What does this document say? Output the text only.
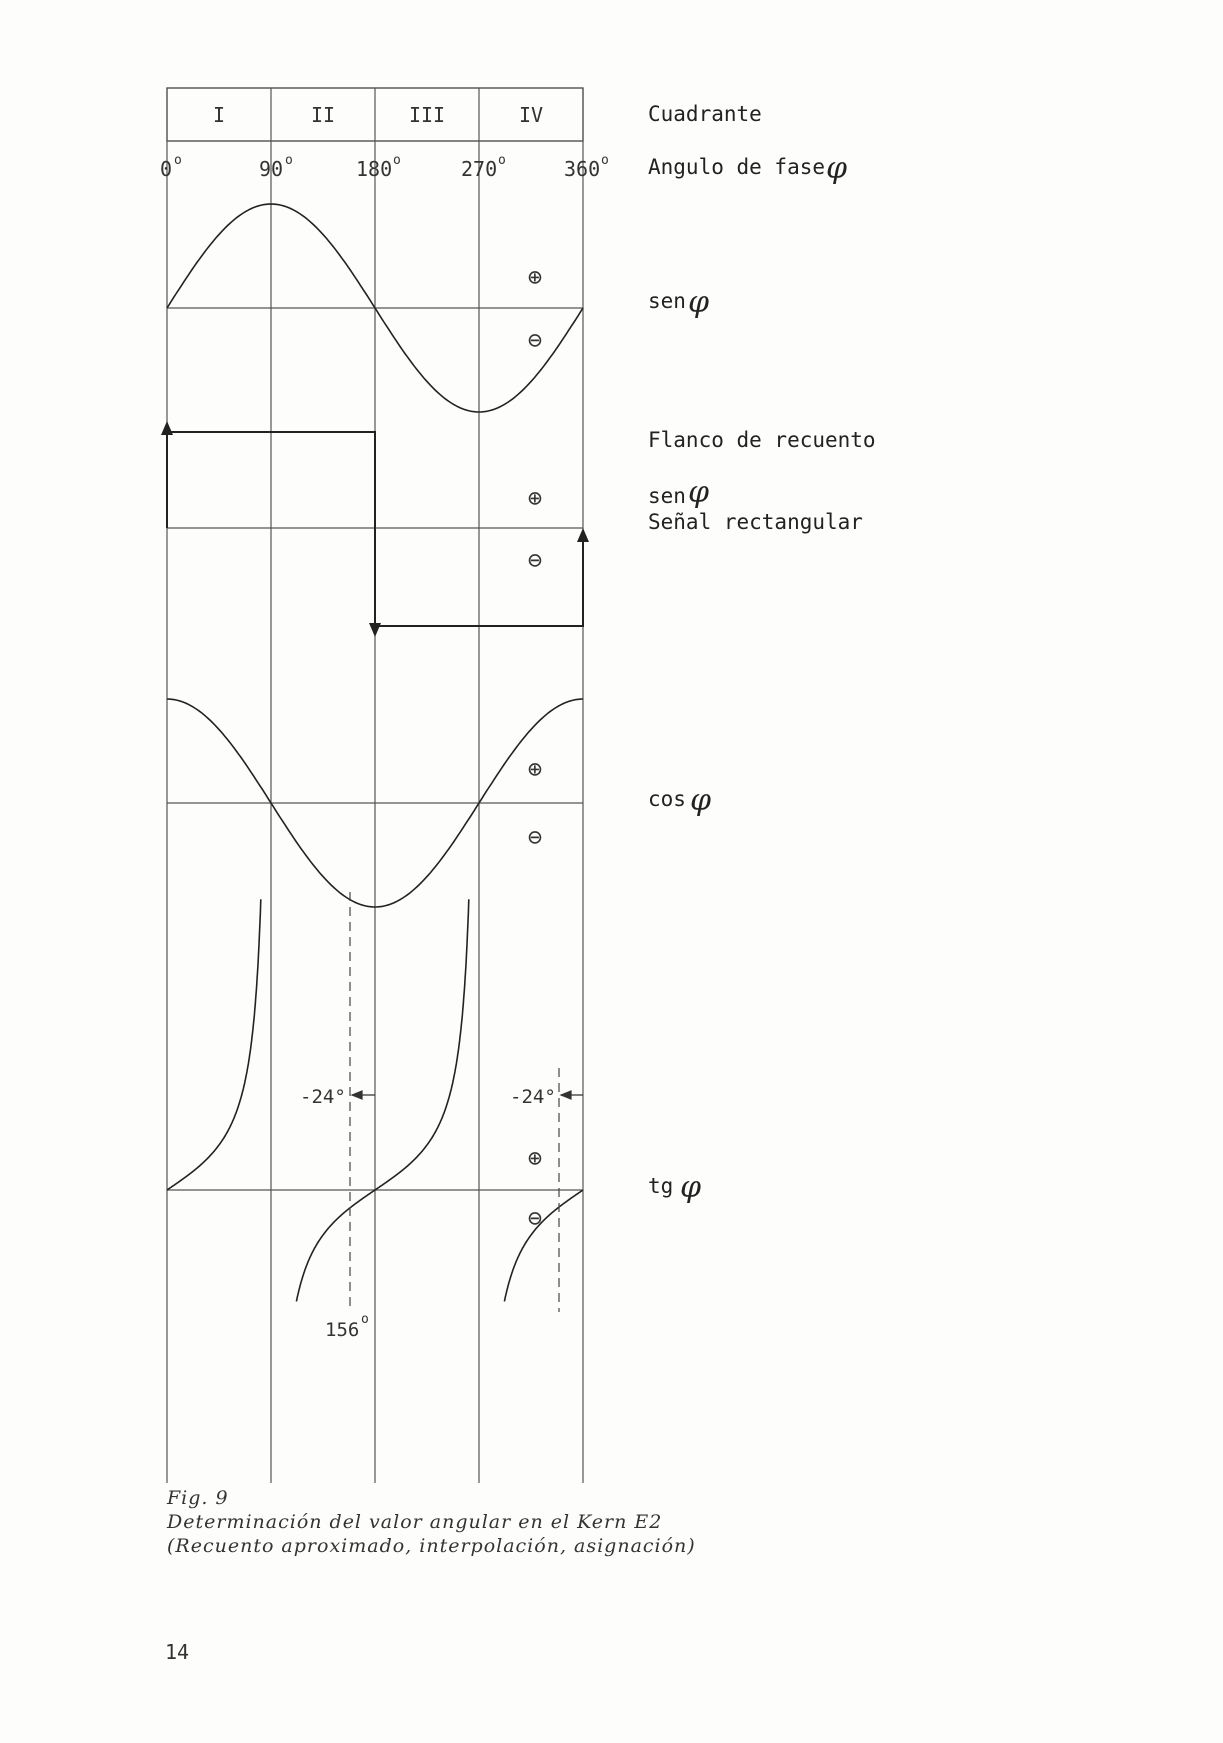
I	II	III	IV
0 o	90 o	180 o	270 o	360 o
⊕
⊖
⊕
⊖
⊕
⊖
⊕
⊖
-24°	-24°
156 o
Cuadrante
Angulo de fase
sen
Flanco de recuento
sen
Señal rectangular
cos
tg
φ
φ
φ
φ
φ
Fig. 9
Determinación del valor angular en el Kern E2
(Recuento aproximado, interpolación, asignación)
14
